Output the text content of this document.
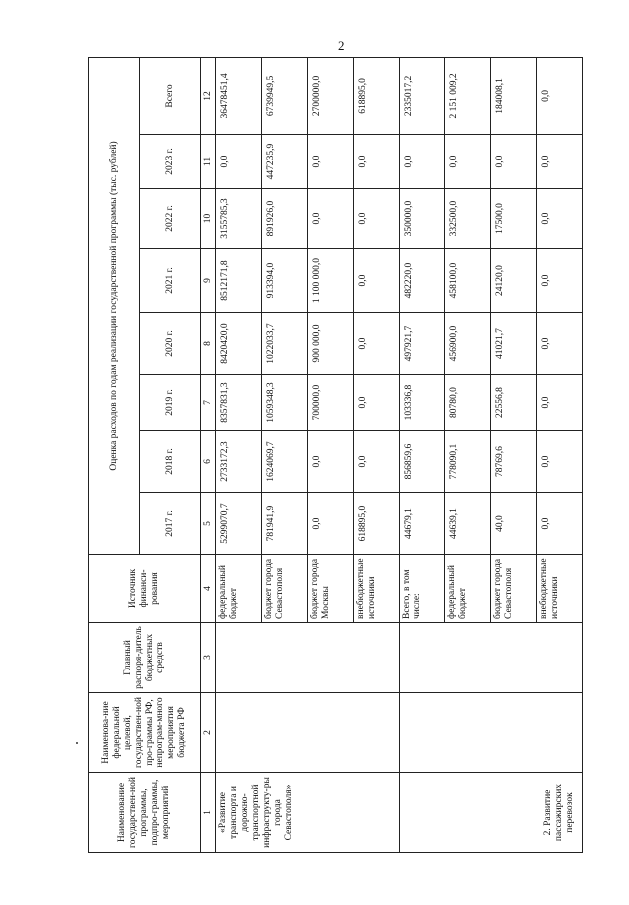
2
Наименование государствен-ной программы, подпро-граммы, мероприятий	Наименова-ние федеральной целевой, государствен-ной про-граммы РФ, непрограм-много мероприятия бюджета РФ	Главный распоря-дитель бюджетных средств	Источник финанси-рования	Оценка расходов по годам реализации государственной программы (тыс. рублей)							
				2017 г.	2018 г.	2019 г.	2020 г.	2021 г.	2022 г.	2023 г.	Всего
1	2	3	4	5	6	7	8	9	10	11	12
«Развитие транспорта и дорожно-транспортной инфраструкту-ры города Севастополя»			федеральный бюджет	5299070,7	2733172,3	8357831,3	8420420,0	8512171,8	3155785,3	0,0	36478451,4
			бюджет города Севастополя	781941,9	1624069,7	1059348,3	1022033,7	913394,0	891926,0	447235,9	6739949,5
			бюджет города Москвы	0,0	0,0	700000,0	900 000,0	1 100 000,0	0,0	0,0	2700000,0
			внебюджетные источники	618895,0	0,0	0,0	0,0	0,0	0,0	0,0	618895,0
2. Развитие пассажирских перевозок			Всего, в том числе:	44679,1	856859,6	103336,8	497921,7	482220,0	350000,0	0,0	2335017,2
			федеральный бюджет	44639,1	778090,1	80780,0	456900,0	458100,0	332500,0	0,0	2 151 009,2
			бюджет города Севастополя	40,0	78769,6	22556,8	41021,7	24120,0	17500,0	0,0	184008,1
			внебюджетные источники	0,0	0,0	0,0	0,0	0,0	0,0	0,0	0,0
